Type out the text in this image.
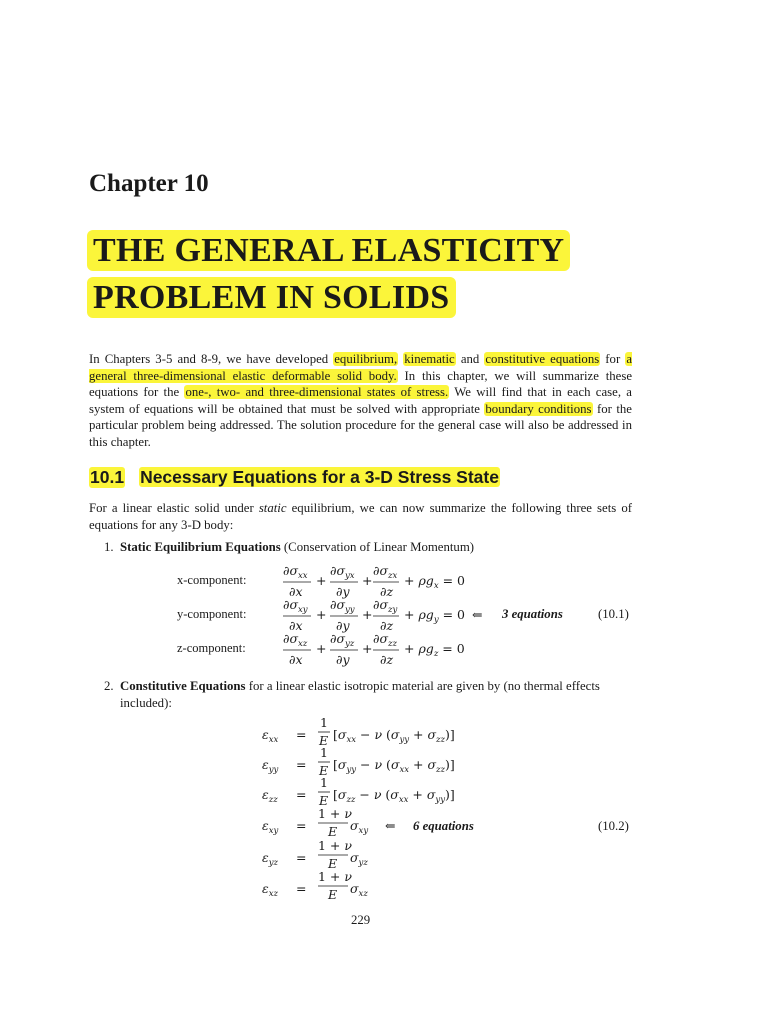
Chapter 10
THE GENERAL ELASTICITY
PROBLEM IN SOLIDS
In Chapters 3-5 and 8-9, we have developed equilibrium, kinematic and constitutive equations for a general three-dimensional elastic deformable solid body. In this chapter, we will summarize these equations for the one-, two- and three-dimensional states of stress. We will find that in each case, a system of equations will be obtained that must be solved with appropriate boundary conditions for the particular problem being addressed. The solution procedure for the general case will also be addressed in this chapter.
10.1 Necessary Equations for a 3-D Stress State
For a linear elastic solid under static equilibrium, we can now summarize the following three sets of equations for any 3-D body:
1. Static Equilibrium Equations (Conservation of Linear Momentum)
x-component:
y-component:
z-component:
$\partial\sigma_{xx}$
∂x
+
$\partial\sigma_{yx}$
∂y
+
$\partial\sigma_{zx}$
∂z
+ $\rho g_x = 0$
$\partial\sigma_{xy}$
∂x
+
$\partial\sigma_{yy}$
∂y
+
$\partial\sigma_{zy}$
∂z
+ $\rho g_y = 0$ ⇐
$\partial\sigma_{xz}$
∂x
+
$\partial\sigma_{yz}$
∂y
+
$\partial\sigma_{zz}$
∂z
+ $\rho g_z = 0$
$\varepsilon_{xx}$ =
1
E [$\sigma_{xx} - \nu$ $(\sigma_{yy} + \sigma_{zz})$]
$\varepsilon_{yy}$ =
1
E [$\sigma_{yy} - \nu$ $(\sigma_{xx} + \sigma_{zz})$]
$\varepsilon_{zz}$ =
1
E [$\sigma_{zz} - \nu$ $(\sigma_{xx} + \sigma_{yy})$]
$\varepsilon_{xy}$ =
1 + ν
E $\sigma_{xy}$ ⇐
$\varepsilon_{yz}$ =
1 + ν
E $\sigma_{yz}$
$\varepsilon_{xz}$ =
1 + ν
E $\sigma_{xz}$
3 equations	(10.1)
2. Constitutive Equations for a linear elastic isotropic material are given by (no thermal effects
included):
6 equations	(10.2)
229
